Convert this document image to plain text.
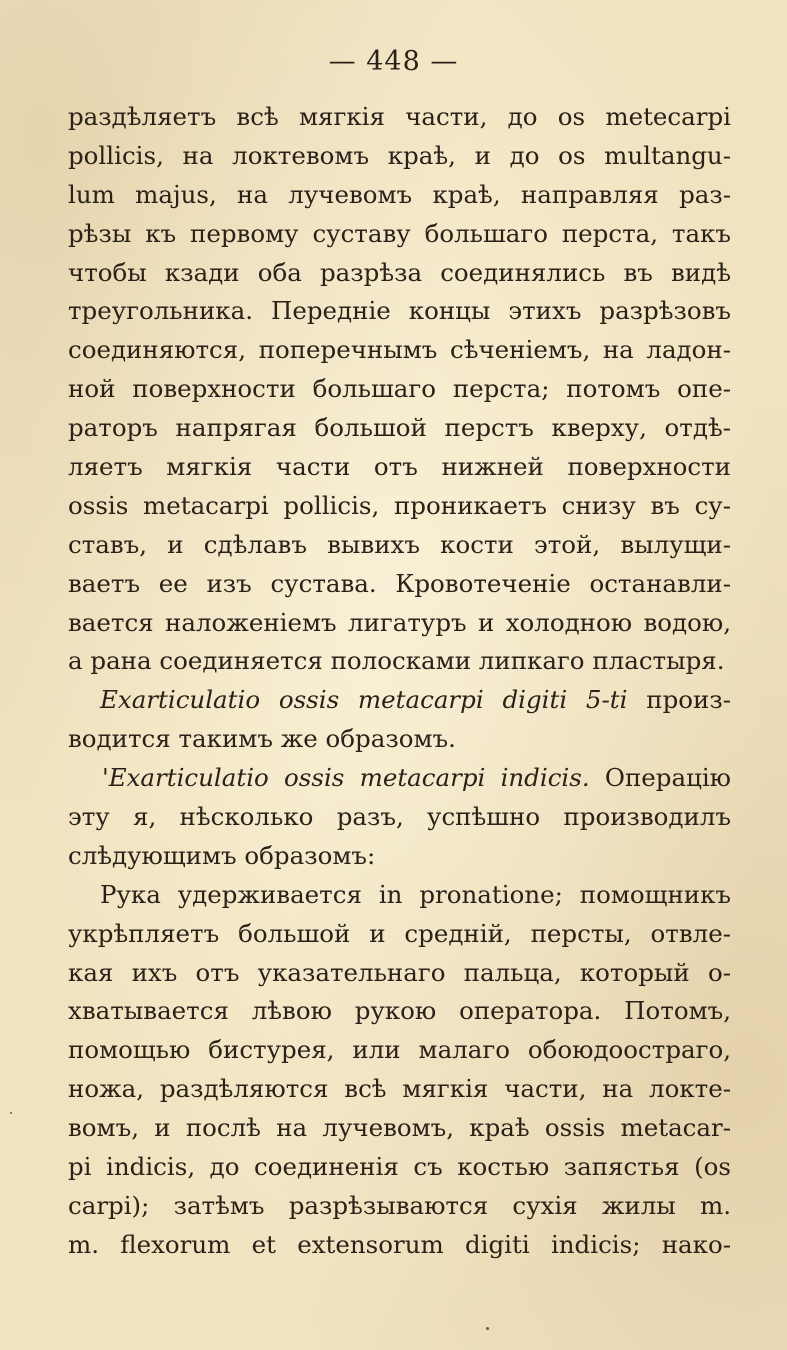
— 448 —
раздѣляетъ всѣ мягкія части, до os metecarpi
pollicis, на локтевомъ краѣ, и до os multangu-
lum majus, на лучевомъ краѣ, направляя раз-
рѣзы къ первому суставу большаго перста, такъ
чтобы кзади оба разрѣза соединялись въ видѣ
треугольника. Передніе концы этихъ разрѣзовъ
соединяются, поперечнымъ сѣченіемъ, на ладон-
ной поверхности большаго перста; потомъ опе-
раторъ напрягая большой перстъ кверху, отдѣ-
ляетъ мягкія части отъ нижней поверхности
ossis metacarpi pollicis, проникаетъ снизу въ су-
ставъ, и сдѣлавъ вывихъ кости этой, вылущи-
ваетъ ее изъ сустава. Кровотеченіе останавли-
вается наложеніемъ лигатуръ и холодною водою,
а рана соединяется полосками липкаго пластыря.
Exarticulatio ossis metacarpi digiti 5-ti произ-
водится такимъ же образомъ.
'Exarticulatio ossis metacarpi indicis. Операцію
эту я, нѣсколько разъ, успѣшно производилъ
слѣдующимъ образомъ:
Рука удерживается in pronatione; помощникъ
укрѣпляетъ большой и средній, персты, отвле-
кая ихъ отъ указательнаго пальца, который о-
хватывается лѣвою рукою оператора. Потомъ,
помощью бистурея, или малаго обоюдоостраго,
ножа, раздѣляются всѣ мягкія части, на локте-
вомъ, и послѣ на лучевомъ, краѣ ossis metacar-
pi indicis, до соединенія съ костью запястья (os
carpi); затѣмъ разрѣзываются сухія жилы m.
m. flexorum et extensorum digiti indicis; нако-
